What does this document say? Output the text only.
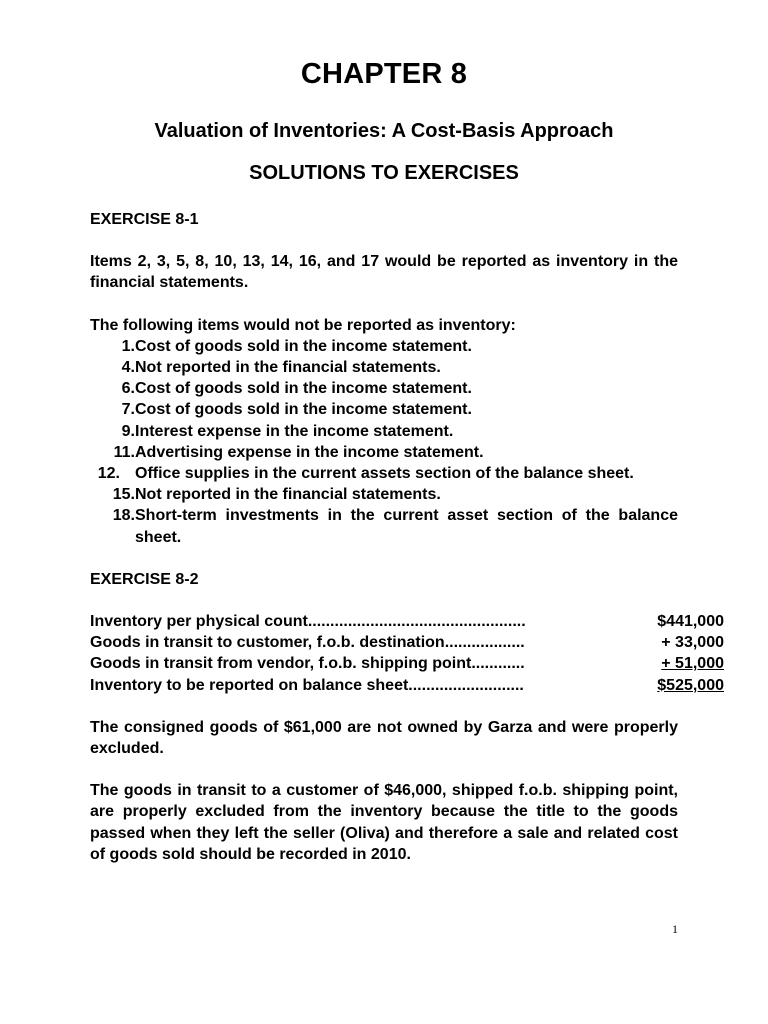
CHAPTER 8
Valuation of Inventories: A Cost-Basis Approach
SOLUTIONS TO EXERCISES
EXERCISE 8-1

Items 2, 3, 5, 8, 10, 13, 14, 16, and 17 would be reported as inventory in the financial statements.

The following items would not be reported as inventory:

1. Cost of goods sold in the income statement.
4. Not reported in the financial statements.
6. Cost of goods sold in the income statement.
7. Cost of goods sold in the income statement.
9. Interest expense in the income statement.
11. Advertising expense in the income statement.
12. Office supplies in the current assets section of the balance sheet.
15. Not reported in the financial statements.
18. Short-term investments in the current asset section of the balance sheet.
EXERCISE 8-2
Inventory per physical count.................................................	$441,000
Goods in transit to customer, f.o.b. destination..................	+ 33,000
Goods in transit from vendor, f.o.b. shipping point............	+ 51,000
Inventory to be reported on balance sheet..........................	$525,000

The consigned goods of $61,000 are not owned by Garza and were properly excluded.

The goods in transit to a customer of $46,000, shipped f.o.b. shipping point, are properly excluded from the inventory because the title to the goods passed when they left the seller (Oliva) and therefore a sale and related cost of goods sold should be recorded in 2010.

1
